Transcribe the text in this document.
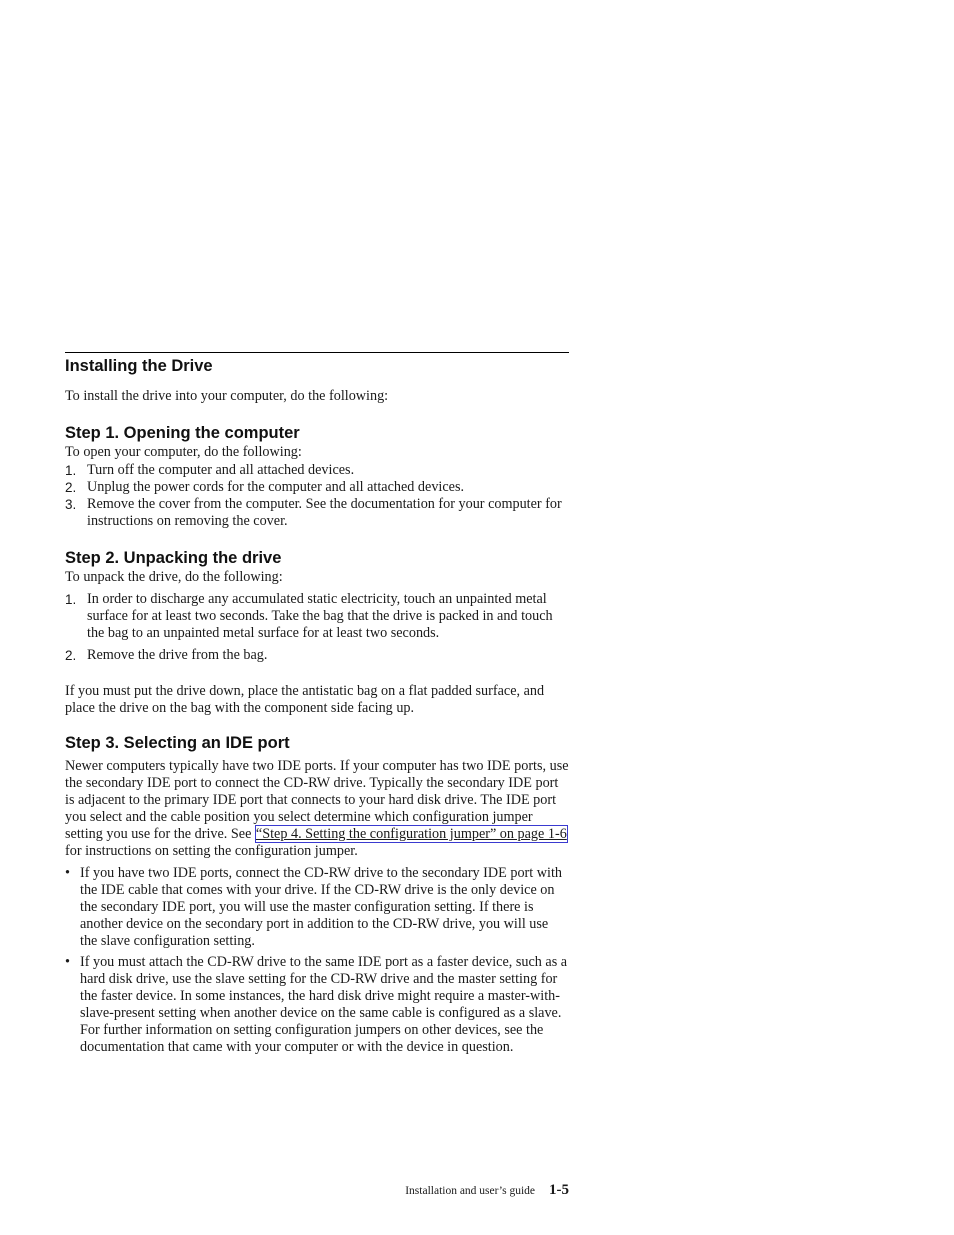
Installing the Drive

To install the drive into your computer, do the following:

Step 1. Opening the computer

To open your computer, do the following:

1. Turn off the computer and all attached devices.
2. Unplug the power cords for the computer and all attached devices.
3. Remove the cover from the computer. See the documentation for your computer for instructions on removing the cover.
Step 2. Unpacking the drive

To unpack the drive, do the following:

1. In order to discharge any accumulated static electricity, touch an unpainted metal surface for at least two seconds. Take the bag that the drive is packed in and touch the bag to an unpainted metal surface for at least two seconds.
2. Remove the drive from the bag.

If you must put the drive down, place the antistatic bag on a flat padded surface, and place the drive on the bag with the component side facing up.

Step 3. Selecting an IDE port

Newer computers typically have two IDE ports. If your computer has two IDE ports, use the secondary IDE port to connect the CD-RW drive. Typically the secondary IDE port is adjacent to the primary IDE port that connects to your hard disk drive. The IDE port you select and the cable position you select determine which configuration jumper setting you use for the drive. See “Step 4. Setting the configuration jumper” on page 1-6 for instructions on setting the configuration jumper.

• If you have two IDE ports, connect the CD-RW drive to the secondary IDE port with the IDE cable that comes with your drive. If the CD-RW drive is the only device on the secondary IDE port, you will use the master configuration setting. If there is another device on the secondary port in addition to the CD-RW drive, you will use the slave configuration setting.
• If you must attach the CD-RW drive to the same IDE port as a faster device, such as a hard disk drive, use the slave setting for the CD-RW drive and the master setting for the faster device. In some instances, the hard disk drive might require a master-with-slave-present setting when another device on the same cable is configured as a slave. For further information on setting configuration jumpers on other devices, see the documentation that came with your computer or with the device in question.
Installation and user’s guide 1-5
